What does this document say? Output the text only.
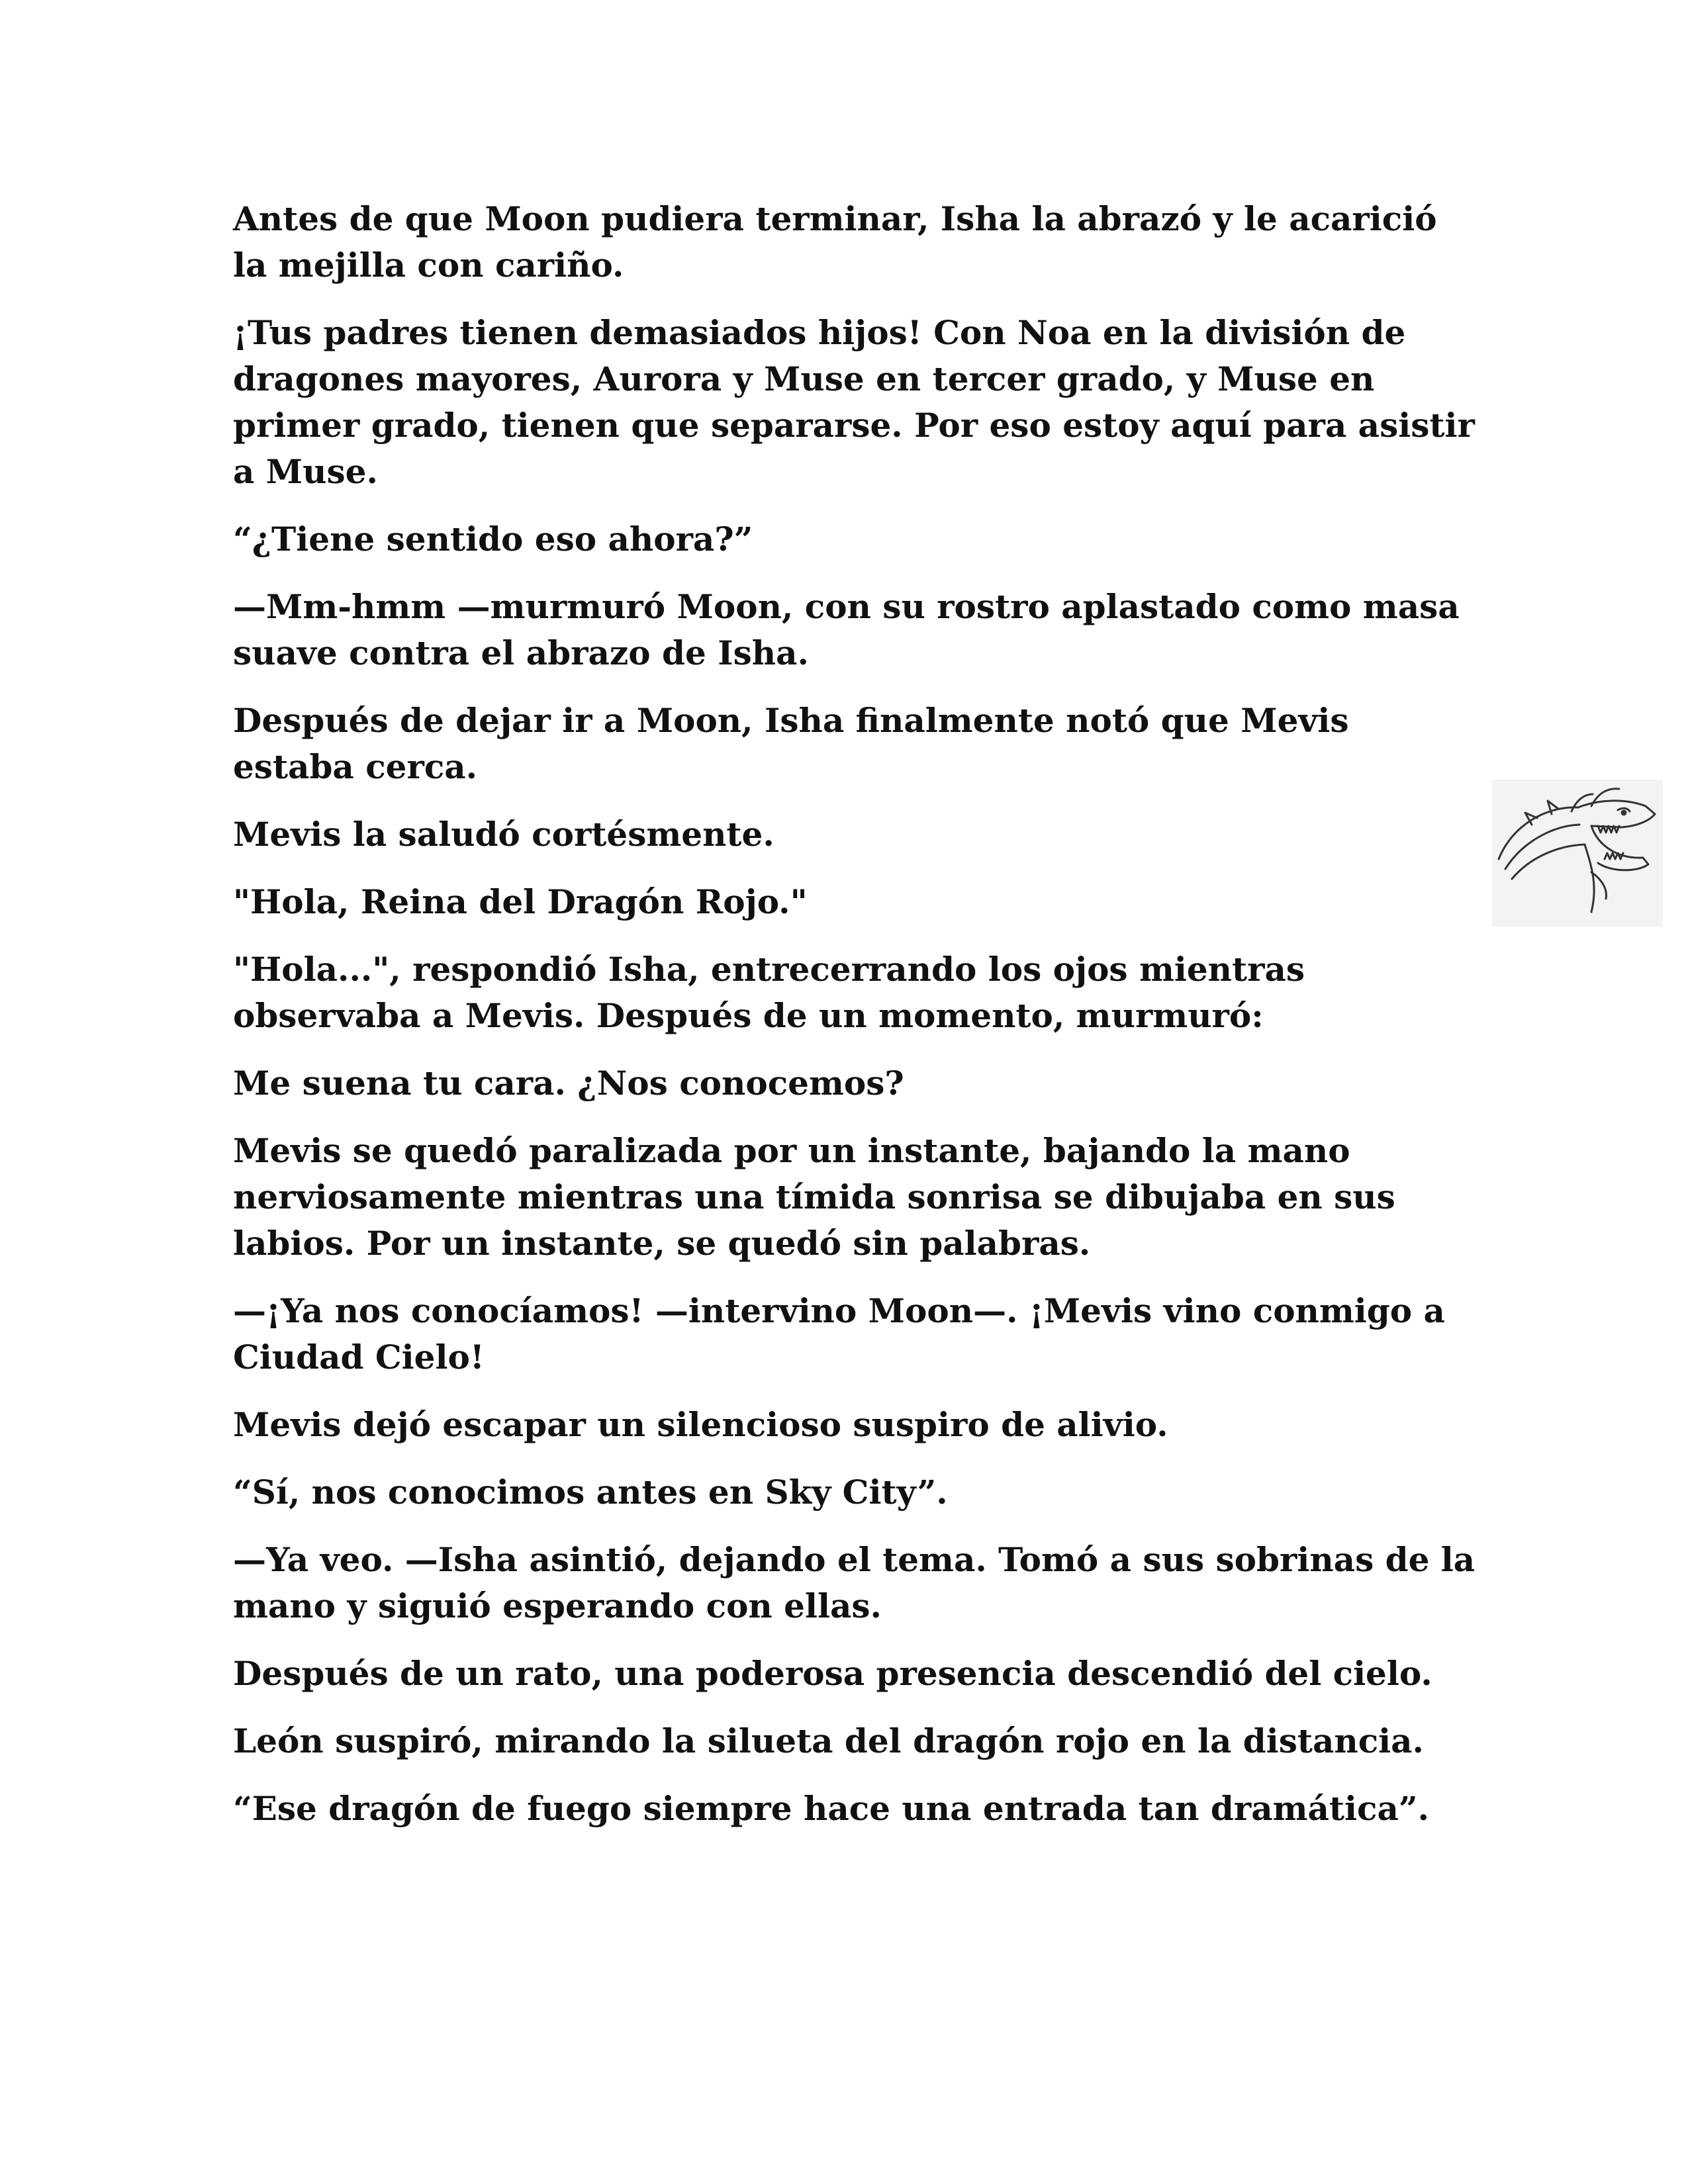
Antes de que Moon pudiera terminar, Isha la abrazó y le acarició la mejilla con cariño.

¡Tus padres tienen demasiados hijos! Con Noa en la división de dragones mayores, Aurora y Muse en tercer grado, y Muse en primer grado, tienen que separarse. Por eso estoy aquí para asistir a Muse.

“¿Tiene sentido eso ahora?”

—Mm-hmm —murmuró Moon, con su rostro aplastado como masa suave contra el abrazo de Isha.

Después de dejar ir a Moon, Isha finalmente notó que Mevis estaba cerca.

Mevis la saludó cortésmente.

"Hola, Reina del Dragón Rojo."

"Hola...", respondió Isha, entrecerrando los ojos mientras observaba a Mevis. Después de un momento, murmuró:

Me suena tu cara. ¿Nos conocemos?

Mevis se quedó paralizada por un instante, bajando la mano nerviosamente mientras una tímida sonrisa se dibujaba en sus labios. Por un instante, se quedó sin palabras.

—¡Ya nos conocíamos! —intervino Moon—. ¡Mevis vino conmigo a Ciudad Cielo!

Mevis dejó escapar un silencioso suspiro de alivio.

“Sí, nos conocimos antes en Sky City”.

—Ya veo. —Isha asintió, dejando el tema. Tomó a sus sobrinas de la mano y siguió esperando con ellas.

Después de un rato, una poderosa presencia descendió del cielo.

León suspiró, mirando la silueta del dragón rojo en la distancia.

“Ese dragón de fuego siempre hace una entrada tan dramática”.
